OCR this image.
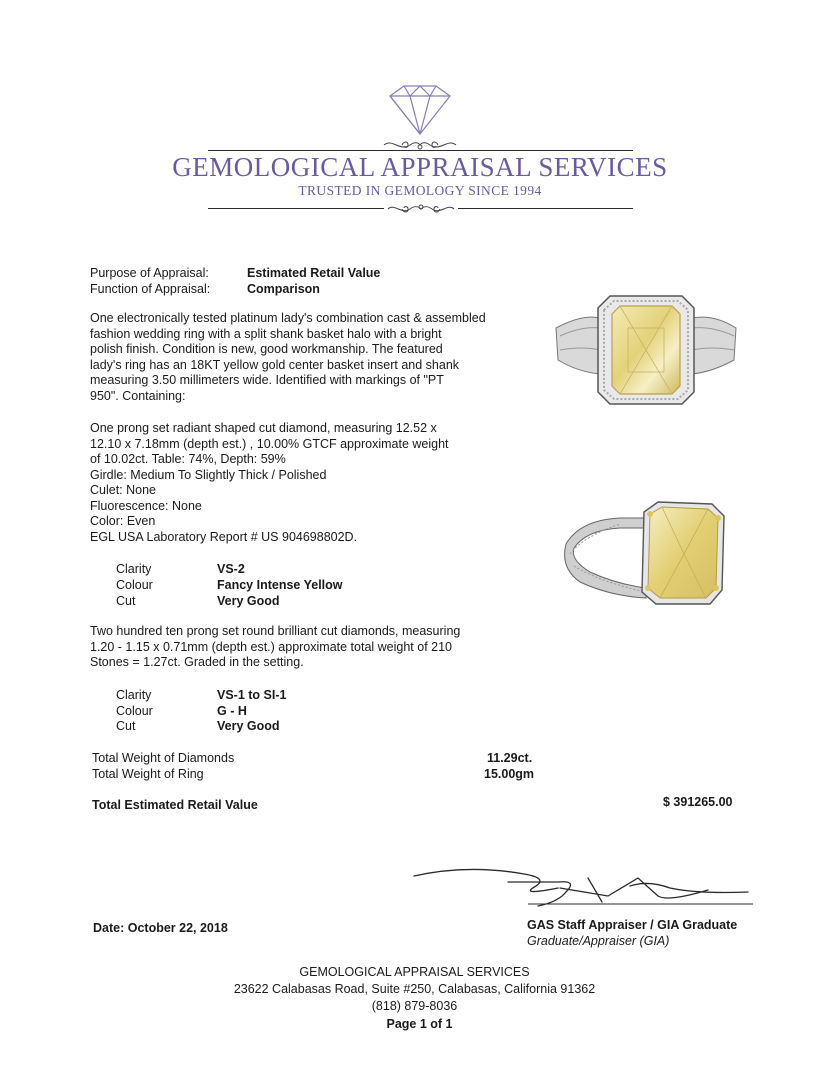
GEMOLOGICAL APPRAISAL SERVICES
TRUSTED IN GEMOLOGY SINCE 1994
Purpose of Appraisal:	Estimated Retail Value
Function of Appraisal:	Comparison
One electronically tested platinum lady's combination cast & assembled
fashion wedding ring with a split shank basket halo with a bright
polish finish. Condition is new, good workmanship. The featured
lady's ring has an 18KT yellow gold center basket insert and shank
measuring 3.50 millimeters wide. Identified with markings of "PT
950". Containing:
One prong set radiant shaped cut diamond, measuring 12.52 x
12.10 x 7.18mm (depth est.) , 10.00% GTCF approximate weight
of 10.02ct. Table: 74%, Depth: 59%
Girdle: Medium To Slightly Thick / Polished
Culet: None
Fluorescence: None
Color: Even
EGL USA Laboratory Report # US 904698802D.
Clarity	VS-2
Colour	Fancy Intense Yellow
Cut	Very Good
Two hundred ten prong set round brilliant cut diamonds, measuring
1.20 - 1.15 x 0.71mm (depth est.) approximate total weight of 210
Stones = 1.27ct. Graded in the setting.
Clarity	VS-1 to SI-1
Colour	G - H
Cut	Very Good
Total Weight of Diamonds	11.29ct.
Total Weight of Ring	15.00gm
Total Estimated Retail Value	$ 391265.00
Date: October 22, 2018	GAS Staff Appraiser / GIA Graduate
Graduate/Appraiser (GIA)
GEMOLOGICAL APPRAISAL SERVICES
23622 Calabasas Road, Suite #250, Calabasas, California 91362
(818) 879-8036
Page 1 of 1
